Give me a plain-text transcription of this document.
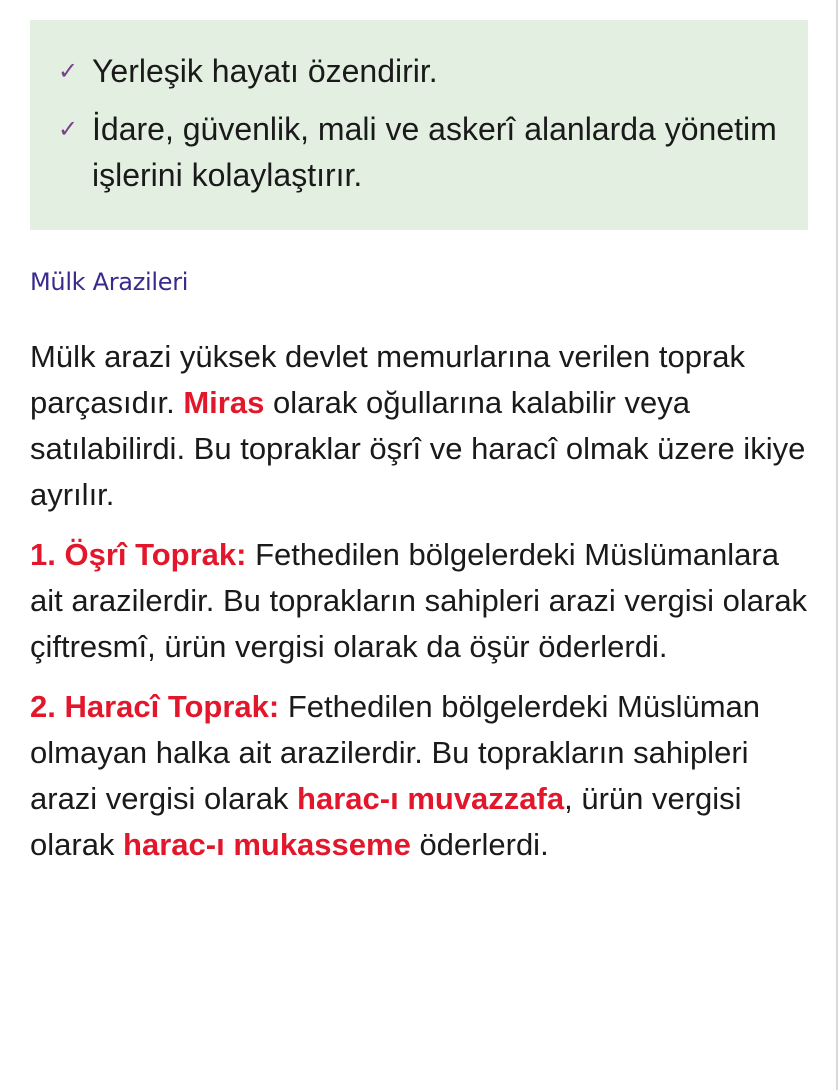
✓ Yerleşik hayatı özendirir.
✓ İdare, güvenlik, mali ve askerî alanlarda yönetim işlerini kolaylaştırır.
Mülk Arazileri

Mülk arazi yüksek devlet memurlarına verilen toprak parçasıdır. Miras olarak oğullarına kalabilir veya satılabilirdi. Bu topraklar öşrî ve haracî olmak üzere ikiye ayrılır.

1. Öşrî Toprak: Fethedilen bölgelerdeki Müslümanlara ait arazilerdir. Bu toprakların sahipleri arazi vergisi olarak çiftresmî, ürün vergisi olarak da öşür öderlerdi.

2. Haracî Toprak: Fethedilen bölgelerdeki Müslüman olmayan halka ait arazilerdir. Bu toprakların sahipleri arazi vergisi olarak harac-ı muvazzafa, ürün vergisi olarak harac-ı mukasseme öderlerdi.
